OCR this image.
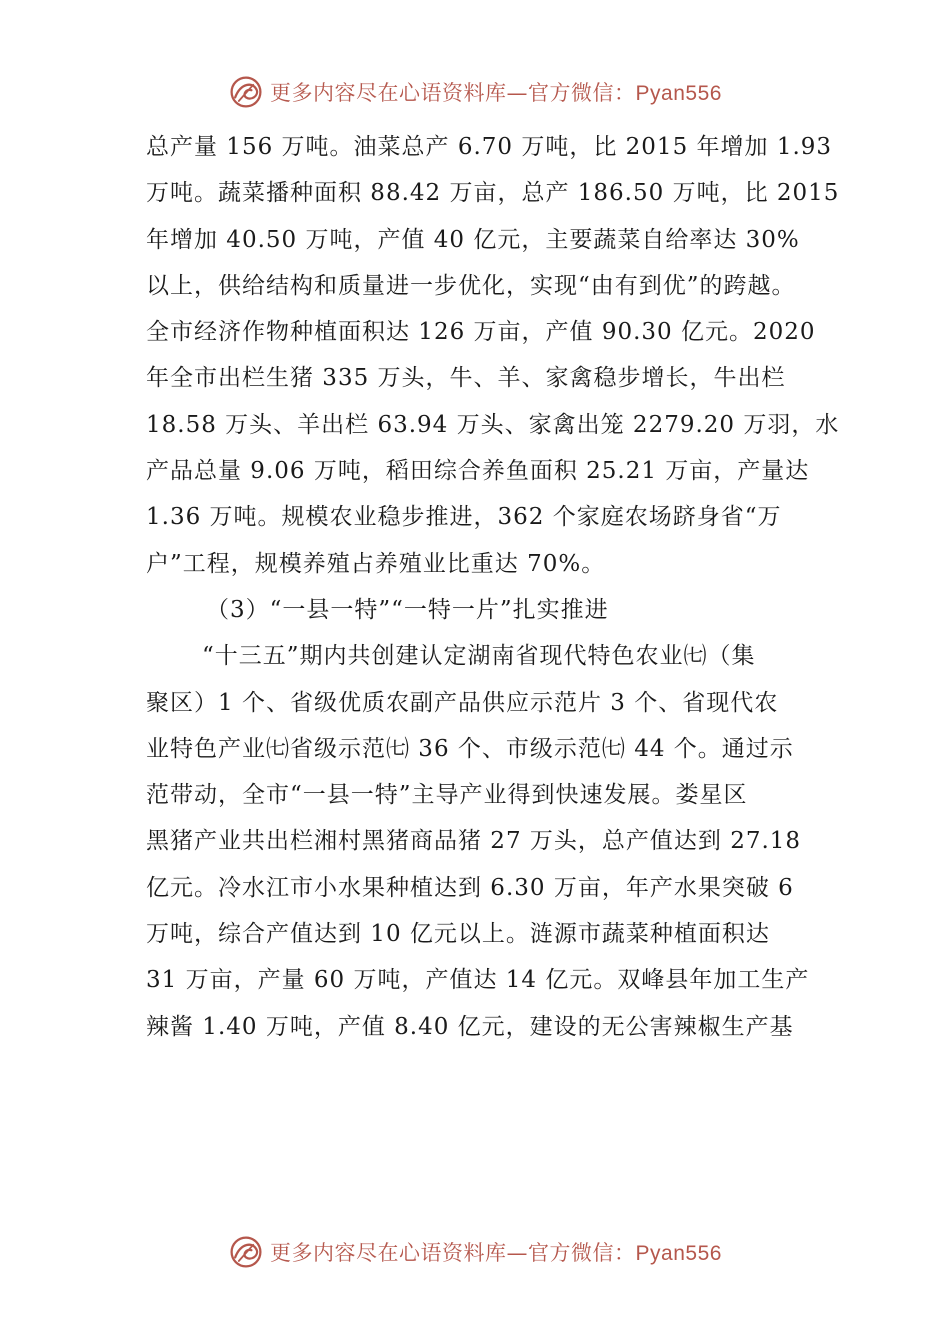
更多内容尽在心语资料库—官方微信：Pyan556
总产量 156 万吨。油菜总产 6.70 万吨，比 2015 年增加 1.93
万吨。蔬菜播种面积 88.42 万亩，总产 186.50 万吨，比 2015
年增加 40.50 万吨，产值 40 亿元，主要蔬菜自给率达 30%
以上，供给结构和质量进一步优化，实现“由有到优”的跨越。
全市经济作物种植面积达 126 万亩，产值 90.30 亿元。2020
年全市出栏生猪 335 万头，牛、羊、家禽稳步增长，牛出栏
18.58 万头、羊出栏 63.94 万头、家禽出笼 2279.20 万羽，水
产品总量 9.06 万吨，稻田综合养鱼面积 25.21 万亩，产量达
1.36 万吨。规模农业稳步推进，362 个家庭农场跻身省“万
户”工程，规模养殖占养殖业比重达 70%。
（3）“一县一特”“一特一片”扎实推进
“十三五”期内共创建认定湖南省现代特色农业㈦（集
聚区）1 个、省级优质农副产品供应示范片 3 个、省现代农
业特色产业㈦省级示范㈦ 36 个、市级示范㈦ 44 个。通过示
范带动，全市“一县一特”主导产业得到快速发展。娄星区
黑猪产业共出栏湘村黑猪商品猪 27 万头，总产值达到 27.18
亿元。冷水江市小水果种植达到 6.30 万亩，年产水果突破 6
万吨，综合产值达到 10 亿元以上。涟源市蔬菜种植面积达
31 万亩，产量 60 万吨，产值达 14 亿元。双峰县年加工生产
辣酱 1.40 万吨，产值 8.40 亿元，建设的无公害辣椒生产基
更多内容尽在心语资料库—官方微信：Pyan556
